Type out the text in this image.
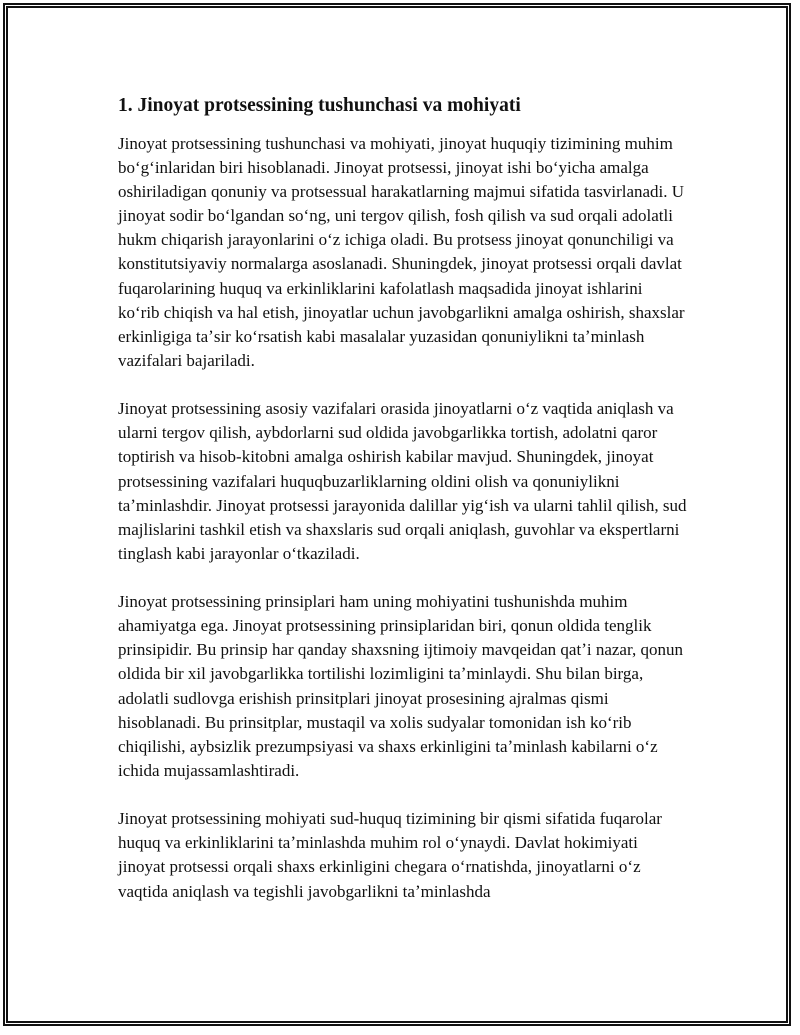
1. Jinoyat protsessining tushunchasi va mohiyati

Jinoyat protsessining tushunchasi va mohiyati, jinoyat huquqiy tizimining muhim boʻgʻinlaridan biri hisoblanadi. Jinoyat protsessi, jinoyat ishi boʻyicha amalga oshiriladigan qonuniy va protsessual harakatlarning majmui sifatida tasvirlanadi. U jinoyat sodir boʻlgandan soʻng, uni tergov qilish, fosh qilish va sud orqali adolatli hukm chiqarish jarayonlarini oʻz ichiga oladi. Bu protsess jinoyat qonunchiligi va konstitutsiyaviy normalarga asoslanadi. Shuningdek, jinoyat protsessi orqali davlat fuqarolarining huquq va erkinliklarini kafolatlash maqsadida jinoyat ishlarini koʻrib chiqish va hal etish, jinoyatlar uchun javobgarlikni amalga oshirish, shaxslar erkinligiga taʼsir koʻrsatish kabi masalalar yuzasidan qonuniylikni taʼminlash vazifalari bajariladi.

Jinoyat protsessining asosiy vazifalari orasida jinoyatlarni oʻz vaqtida aniqlash va ularni tergov qilish, aybdorlarni sud oldida javobgarlikka tortish, adolatni qaror toptirish va hisob-kitobni amalga oshirish kabilar mavjud. Shuningdek, jinoyat protsessining vazifalari huquqbuzarliklarning oldini olish va qonuniylikni taʼminlashdir. Jinoyat protsessi jarayonida dalillar yigʻish va ularni tahlil qilish, sud majlislarini tashkil etish va shaxslaris sud orqali aniqlash, guvohlar va ekspertlarni tinglash kabi jarayonlar oʻtkaziladi.

Jinoyat protsessining prinsiplari ham uning mohiyatini tushunishda muhim ahamiyatga ega. Jinoyat protsessining prinsiplaridan biri, qonun oldida tenglik prinsipidir. Bu prinsip har qanday shaxsning ijtimoiy mavqeidan qatʼi nazar, qonun oldida bir xil javobgarlikka tortilishi lozimligini taʼminlaydi. Shu bilan birga, adolatli sudlovga erishish prinsitplari jinoyat prosesining ajralmas qismi hisoblanadi. Bu prinsitplar, mustaqil va xolis sudyalar tomonidan ish koʻrib chiqilishi, aybsizlik prezumpsiyasi va shaxs erkinligini taʼminlash kabilarni oʻz ichida mujassamlashtiradi.

Jinoyat protsessining mohiyati sud-huquq tizimining bir qismi sifatida fuqarolar huquq va erkinliklarini taʼminlashda muhim rol oʻynaydi. Davlat hokimiyati jinoyat protsessi orqali shaxs erkinligini chegara oʻrnatishda, jinoyatlarni oʻz vaqtida aniqlash va tegishli javobgarlikni taʼminlashda
